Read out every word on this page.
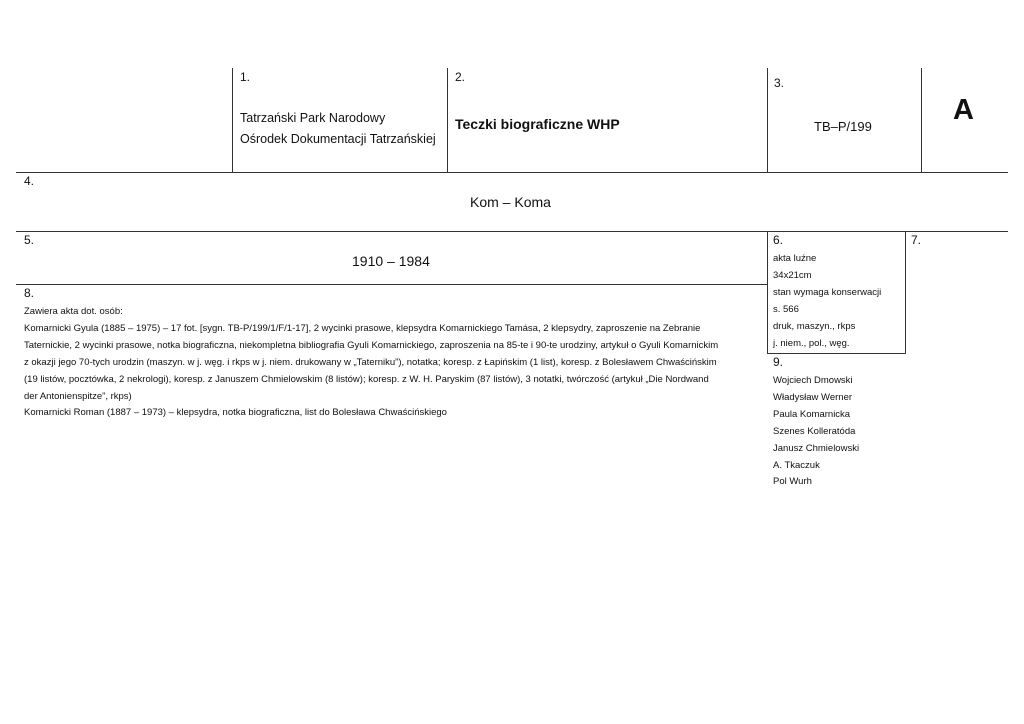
1.
Tatrzański Park Narodowy
Ośrodek Dokumentacji Tatrzańskiej
2.
Teczki biograficzne WHP
3.
TB–P/199
A
4.
Kom – Koma
5.
1910 – 1984
6.
akta luźne
34x21cm
stan wymaga konserwacji
s. 566
druk, maszyn., rkps
j. niem., pol., węg.
7.
8.
Zawiera akta dot. osób:
Komarnicki Gyula (1885 – 1975) – 17 fot. [sygn. TB-P/199/1/F/1-17], 2 wycinki prasowe, klepsydra Komarnickiego Tamása, 2 klepsydry, zaproszenie na Zebranie
Taternickie, 2 wycinki prasowe, notka biograficzna, niekompletna bibliografia Gyuli Komarnickiego, zaproszenia na 85-te i 90-te urodziny, artykuł o Gyuli Komarnickim
z okazji jego 70-tych urodzin (maszyn. w j. węg. i rkps w j. niem. drukowany w „Taterniku”), notatka; koresp. z Łapińskim (1 list), koresp. z Bolesławem Chwaścińskim
(19 listów, pocztówka, 2 nekrologi), koresp. z Januszem Chmielowskim (8 listów); koresp. z W. H. Paryskim (87 listów), 3 notatki, twórczość (artykuł „Die Nordwand
der Antonienspitze”, rkps)
Komarnicki Roman (1887 – 1973) – klepsydra, notka biograficzna, list do Bolesława Chwaścińskiego
9.
Wojciech Dmowski
Władysław Werner
Paula Komarnicka
Szenes Kolleratóda
Janusz Chmielowski
A. Tkaczuk
Pol Wurh
